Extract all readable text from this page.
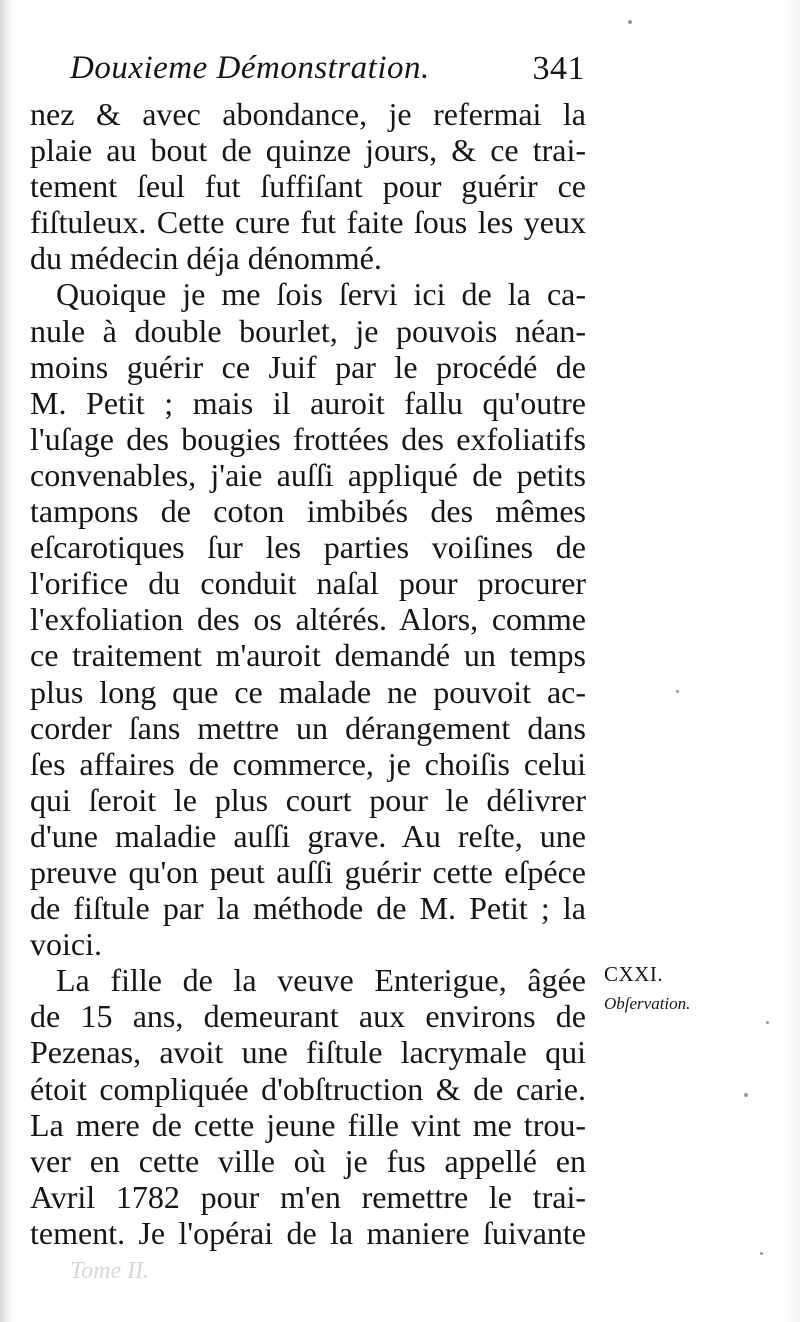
Douxieme Démonstration.	341
nez & avec abondance, je refermai la
plaie au bout de quinze jours, & ce trai-
tement ſeul fut ſuffiſant pour guérir ce
fiſtuleux. Cette cure fut faite ſous les yeux
du médecin déja dénommé.
Quoique je me ſois ſervi ici de la ca-
nule à double bourlet, je pouvois néan-
moins guérir ce Juif par le procédé de
M. Petit ; mais il auroit fallu qu'outre
l'uſage des bougies frottées des exfoliatifs
convenables, j'aie auſſi appliqué de petits
tampons de coton imbibés des mêmes
eſcarotiques ſur les parties voiſines de
l'orifice du conduit naſal pour procurer
l'exfoliation des os altérés. Alors, comme
ce traitement m'auroit demandé un temps
plus long que ce malade ne pouvoit ac-
corder ſans mettre un dérangement dans
ſes affaires de commerce, je choiſis celui
qui ſeroit le plus court pour le délivrer
d'une maladie auſſi grave. Au reſte, une
preuve qu'on peut auſſi guérir cette eſpéce
de fiſtule par la méthode de M. Petit ; la
voici.
La fille de la veuve Enterigue, âgée
de 15 ans, demeurant aux environs de
Pezenas, avoit une fiſtule lacrymale qui
étoit compliquée d'obſtruction & de carie.
La mere de cette jeune fille vint me trou-
ver en cette ville où je fus appellé en
Avril 1782 pour m'en remettre le trai-
tement. Je l'opérai de la maniere ſuivante
CXXI.
Obſervation.
Tome II.
